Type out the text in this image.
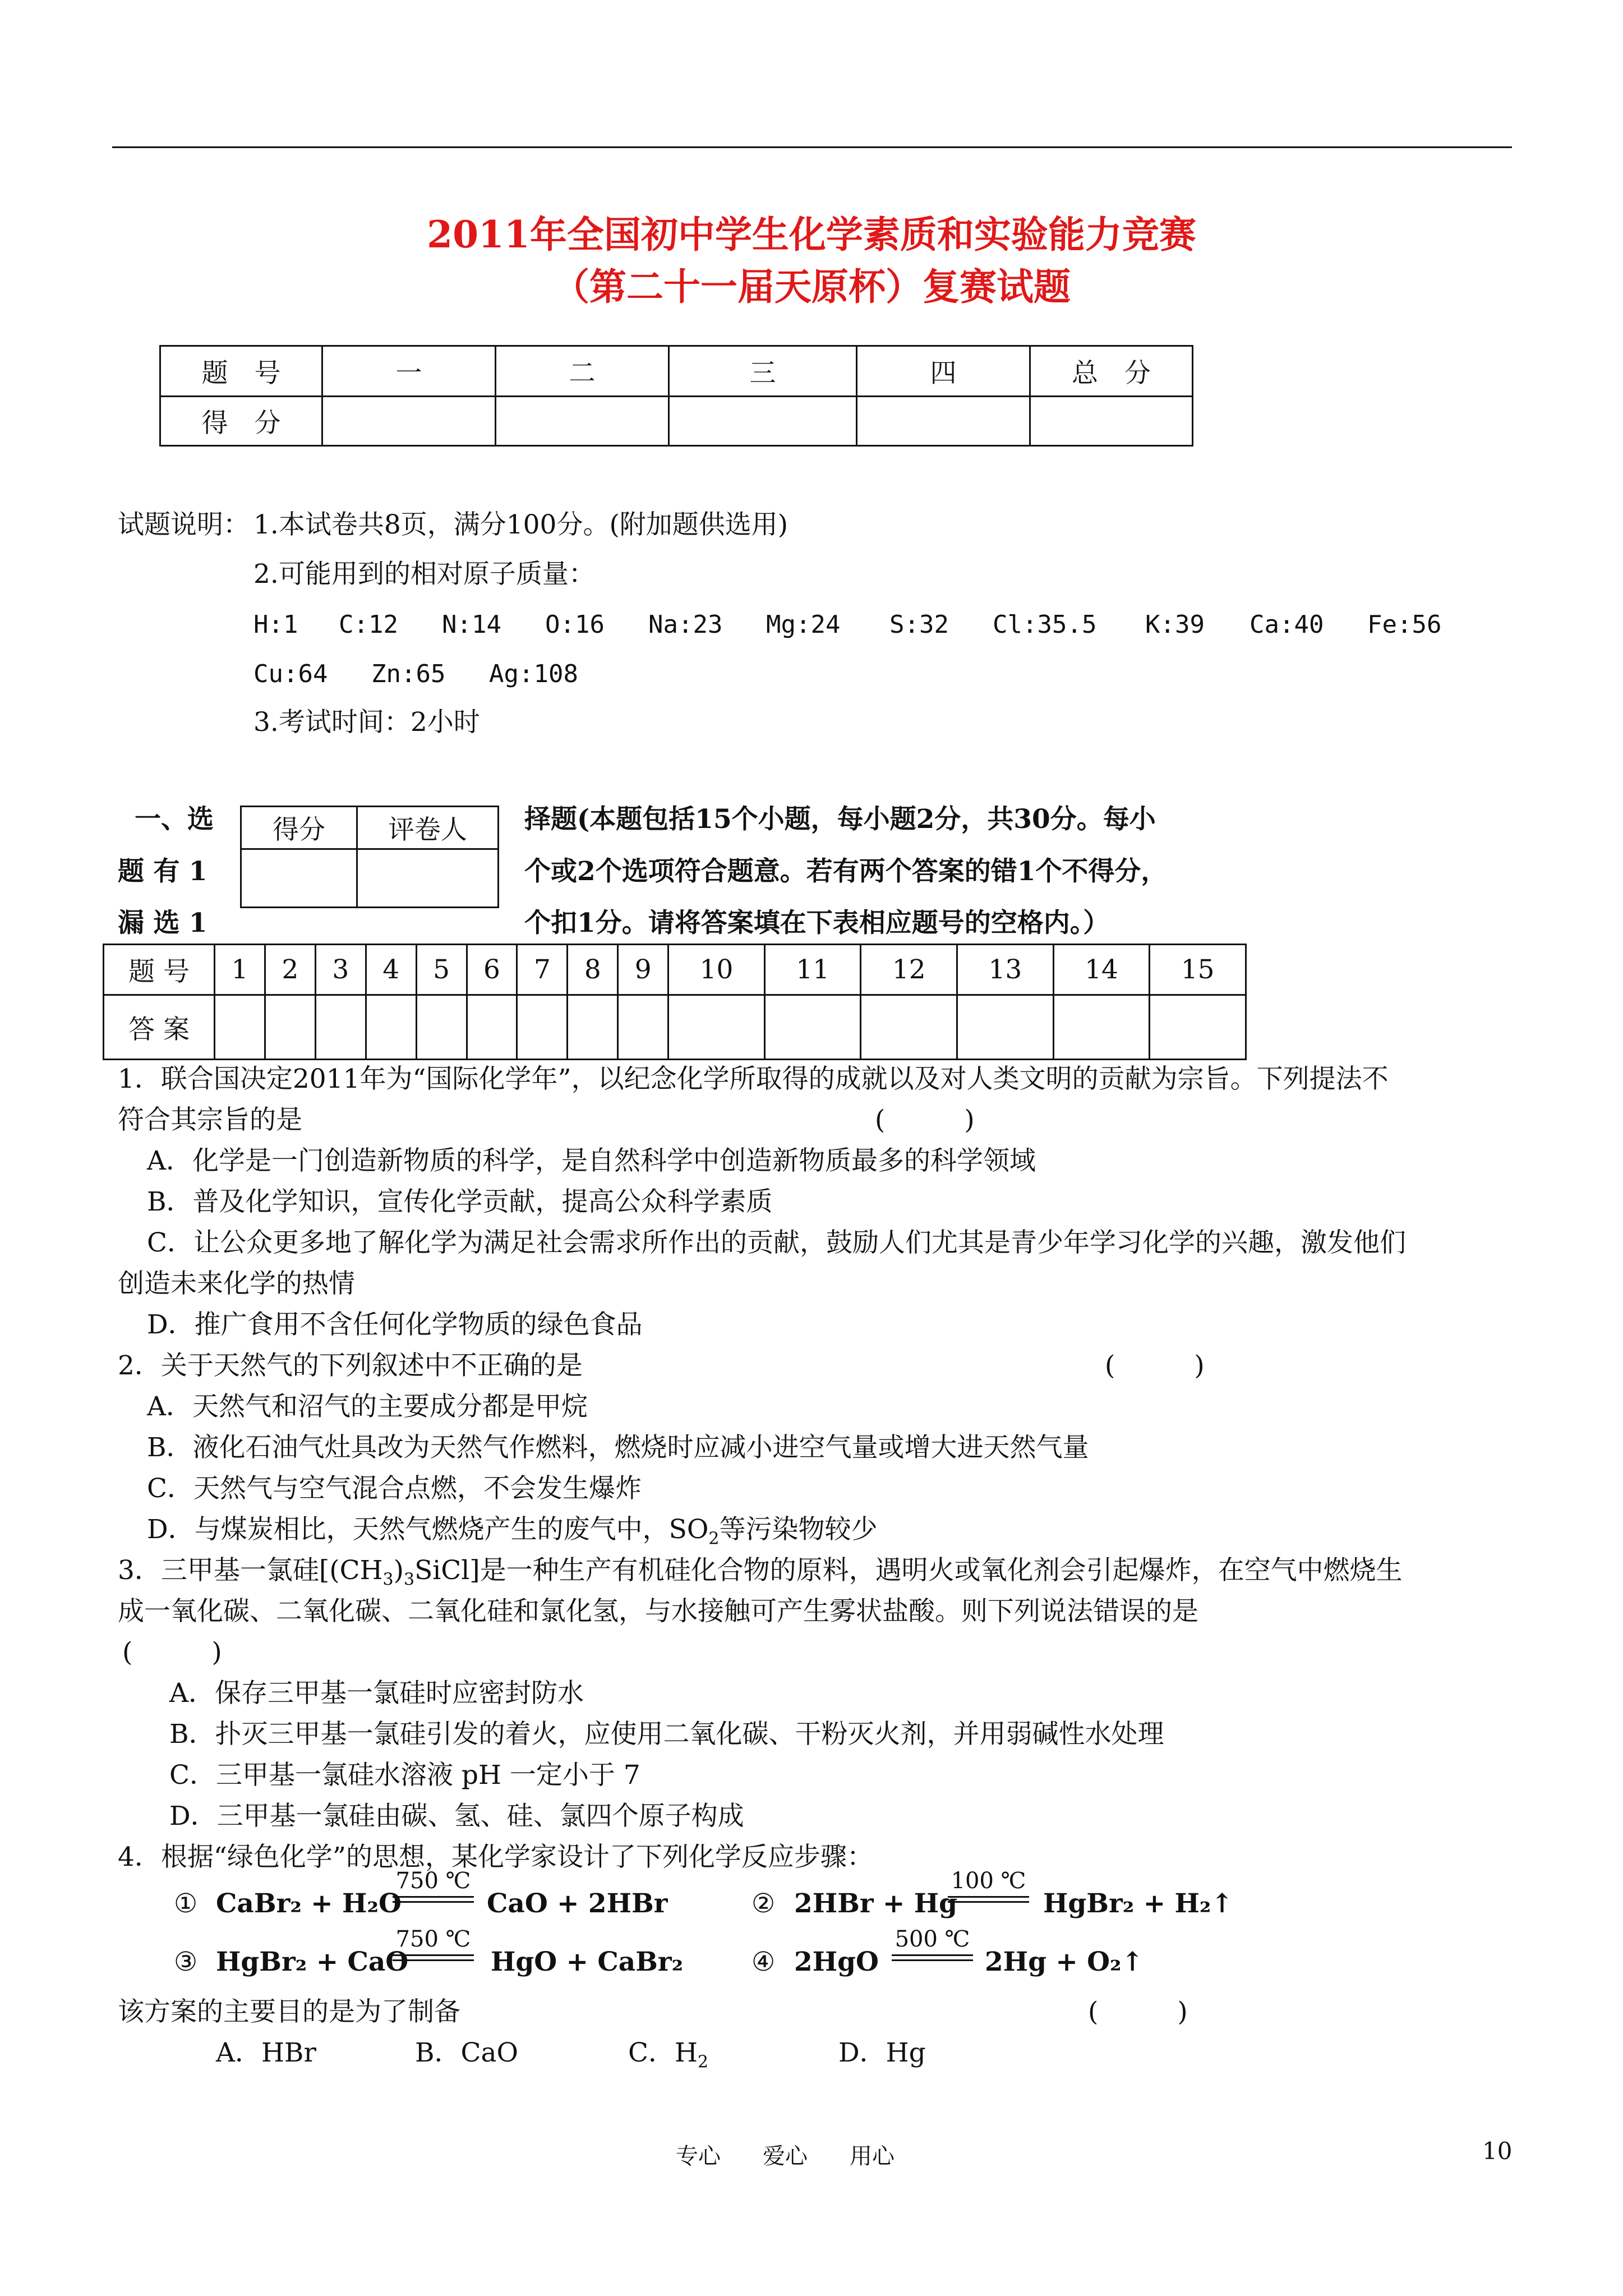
2011年全国初中学生化学素质和实验能力竞赛
（第二十一届天原杯）复赛试题
题　号	一	二	三	四	总　分
得　分					
试题说明： 1.本试卷共8页，满分100分。(附加题供选用)
2.可能用到的相对原子质量：
H:1 C:12 N:14 O:16 Na:23 Mg:24 S:32 Cl:35.5 K:39 Ca:40 Fe:56
Cu:64 Zn:65 Ag:108
3.考试时间：2小时
一、选
题 有 1
漏 选 1
得分	评卷人
	择题(本题包括15个小题，每小题2分，共30分。每小
个或2个选项符合题意。若有两个答案的错1个不得分，
个扣1分。请将答案填在下表相应题号的空格内。）
题 号	1	2	3	4	5	6	7	8	9	10	11	12	13	14	15
答 案															
1．联合国决定2011年为“国际化学年”，以纪念化学所取得的成就以及对人类文明的贡献为宗旨。下列提法不
符合其宗旨的是	(　　　)
A．化学是一门创造新物质的科学，是自然科学中创造新物质最多的科学领域
B．普及化学知识，宣传化学贡献，提高公众科学素质
C．让公众更多地了解化学为满足社会需求所作出的贡献，鼓励人们尤其是青少年学习化学的兴趣，激发他们
创造未来化学的热情
D．推广食用不含任何化学物质的绿色食品
2．关于天然气的下列叙述中不正确的是	(　　　)
A．天然气和沼气的主要成分都是甲烷
B．液化石油气灶具改为天然气作燃料，燃烧时应减小进空气量或增大进天然气量
C．天然气与空气混合点燃，不会发生爆炸
D．与煤炭相比，天然气燃烧产生的废气中，$SO_2$等污染物较少
3．三甲基一氯硅$[(CH_3)_3SiCl]$是一种生产有机硅化合物的原料，遇明火或氧化剂会引起爆炸，在空气中燃烧生
成一氧化碳、二氧化碳、二氧化硅和氯化氢，与水接触可产生雾状盐酸。则下列说法错误的是
(　　　)
A．保存三甲基一氯硅时应密封防水
B．扑灭三甲基一氯硅引发的着火，应使用二氧化碳、干粉灭火剂，并用弱碱性水处理
C．三甲基一氯硅水溶液 pH 一定小于 7
D．三甲基一氯硅由碳、氢、硅、氯四个原子构成
4．根据“绿色化学”的思想，某化学家设计了下列化学反应步骤：
① CaBr₂ + H₂O
750 ℃
CaO + 2HBr	② 2HBr + Hg
100 ℃
HgBr₂ + H₂↑
③ HgBr₂ + CaO
750 ℃
HgO + CaBr₂	④ 2HgO
500 ℃
2Hg + O₂↑
该方案的主要目的是为了制备	(　　　)
A．HBr	B．CaO	C．$H_2$	D．Hg
专心 爱心 用心	10
